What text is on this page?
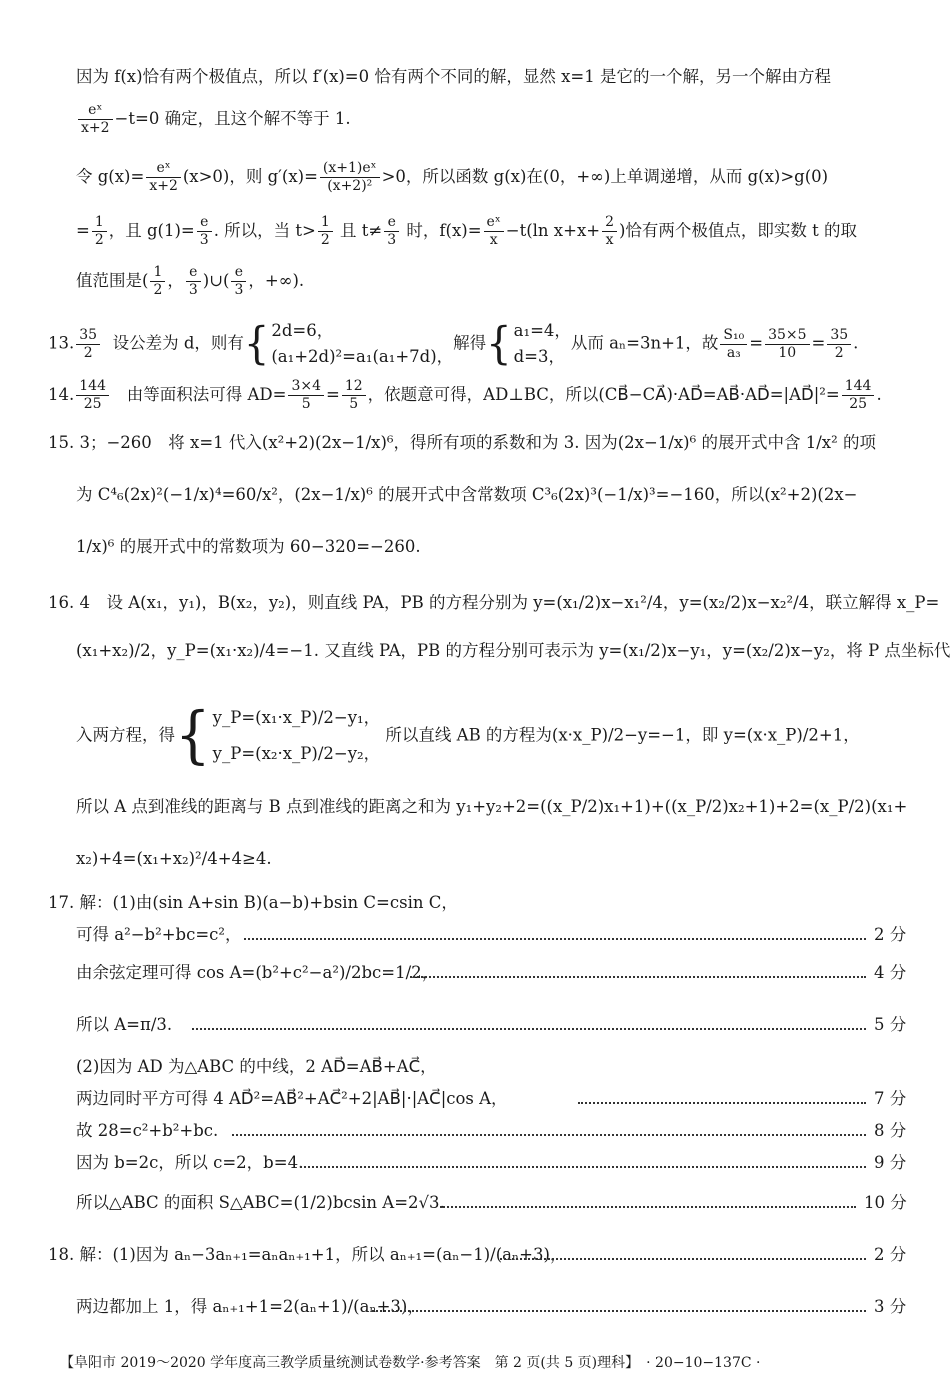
因为 f(x)恰有两个极值点，所以 f′(x)=0 恰有两个不同的解，显然 x=1 是它的一个解，另一个解由方程
$\frac{\text{eˣ}}{x+2} -t=0$ 确定，且这个解不等于 1.
令 $g(x)= \frac{\text{eˣ}}{x+2} (x>0)$，则 $g'(x)= \frac{\text{(x+1)eˣ}}{\text{(x+2)²}} >0$，所以函数 g(x)在(0，+∞)上单调递增，从而 g(x)>g(0)
= $\frac{1}{2}$ ，且 $g(1)= \frac{e}{3}$ . 所以，当 $t> \frac{1}{2}$ 且 $t\ne \frac{e}{3}$ 时，$f(x)= \frac{\text{eˣ}}{x} -t(\ln$ $x+x+ \frac{2}{x}$ )恰有两个极值点，即实数 t 的取
值范围是( $\frac{1}{2}$ ， $\frac{e}{3}$ )∪( $\frac{e}{3}$ ，+∞).
13. $\frac{35}{2}$ 设公差为 d，则有{ 2d=6，
(a₁+2d)²=a₁(a₁+7d)，
解得{ a₁=4，
d=3，
从而 aₙ=3n+1，故 $\frac{\text{S₁₀}}{\text{a₃}} = \frac{35\times 5}{10} = \frac{35}{2}$ .
14. $\frac{144}{25}$ 由等面积法可得 $AD= \frac{3\times 4}{5} = \frac{12}{5}$ ，依题意可得，AD⊥BC，所以(CB⃗−CA⃗)·AD⃗=AB⃗·AD⃗=|AD⃗|²= $\frac{144}{25}$ .
15. 3；−260　将 x=1 代入(x²+2)(2x−1/x)⁶，得所有项的系数和为 3. 因为(2x−1/x)⁶ 的展开式中含 1/x² 的项
为 C⁴₆(2x)²(−1/x)⁴=60/x²，(2x−1/x)⁶ 的展开式中含常数项 C³₆(2x)³(−1/x)³=−160，所以(x²+2)(2x−
1/x)⁶ 的展开式中的常数项为 60−320=−260.
16. 4　设 A(x₁，y₁)，B(x₂，y₂)，则直线 PA，PB 的方程分别为 y=(x₁/2)x−x₁²/4，y=(x₂/2)x−x₂²/4，联立解得 x_P=
(x₁+x₂)/2，y_P=(x₁·x₂)/4=−1. 又直线 PA，PB 的方程分别可表示为 y=(x₁/2)x−y₁，y=(x₂/2)x−y₂，将 P 点坐标代
入两方程，得{ y_P=(x₁·x_P)/2−y₁，
y_P=(x₂·x_P)/2−y₂，
所以直线 AB 的方程为(x·x_P)/2−y=−1，即 y=(x·x_P)/2+1，
所以 A 点到准线的距离与 B 点到准线的距离之和为 y₁+y₂+2=((x_P/2)x₁+1)+((x_P/2)x₂+1)+2=(x_P/2)(x₁+
x₂)+4=(x₁+x₂)²/4+4≥4.
17. 解：(1)由(sin A+sin B)(a−b)+bsin C=csin C，
可得 a²−b²+bc=c²，	2 分
由余弦定理可得 cos A=(b²+c²−a²)/2bc=1/2，	4 分
所以 A=π/3.	5 分
(2)因为 AD 为△ABC 的中线，2 AD⃗=AB⃗+AC⃗，
两边同时平方可得 4 AD⃗²=AB⃗²+AC⃗²+2|AB⃗|·|AC⃗|cos A，	7 分
故 28=c²+b²+bc.	8 分
因为 b=2c，所以 c=2，b=4.	9 分
所以△ABC 的面积 S△ABC=(1/2)bcsin A=2√3.	10 分
18. 解：(1)因为 aₙ−3aₙ₊₁=aₙaₙ₊₁+1，所以 aₙ₊₁=(aₙ−1)/(aₙ+3)，	2 分
两边都加上 1，得 aₙ₊₁+1=2(aₙ+1)/(aₙ+3)，	3 分
【阜阳市 2019～2020 学年度高三教学质量统测试卷数学·参考答案　第 2 页(共 5 页)理科】　· 20−10−137C ·
